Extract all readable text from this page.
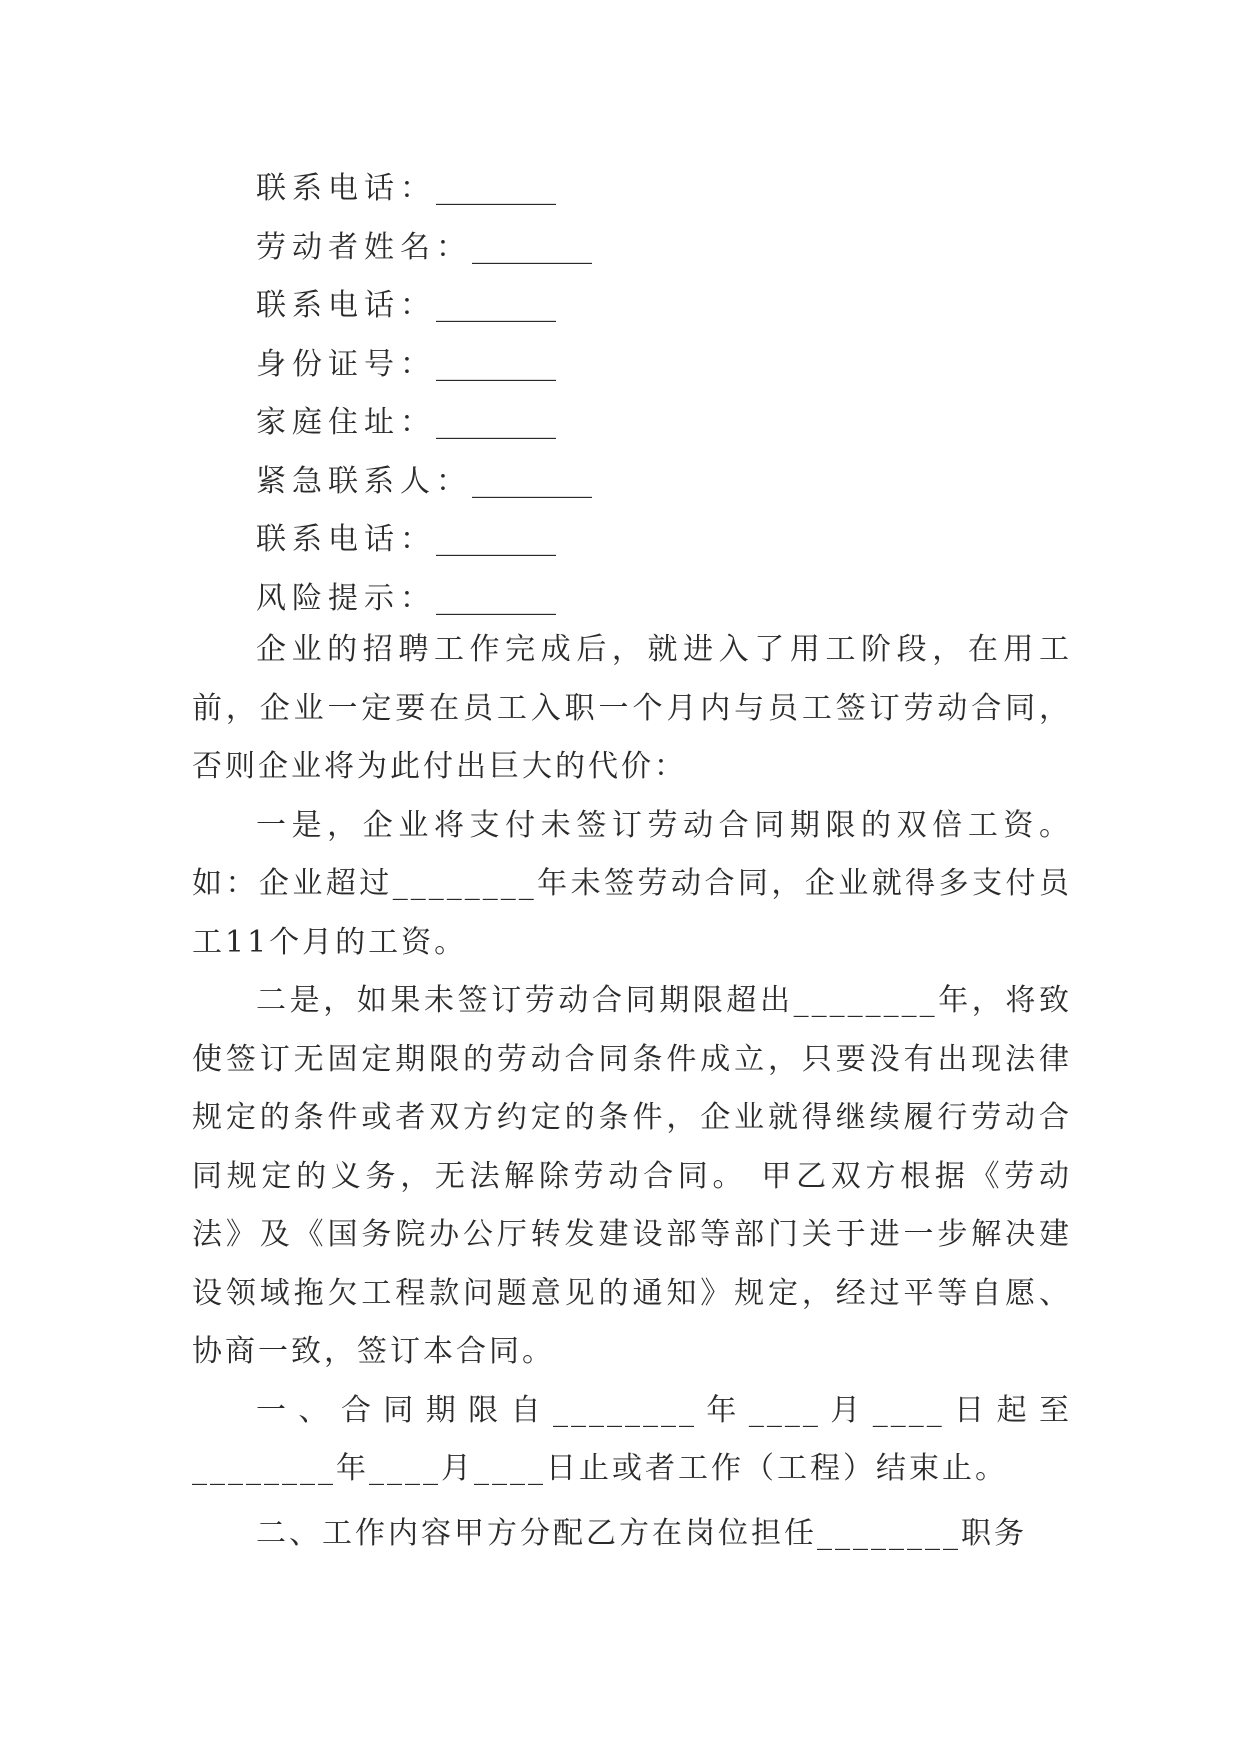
联系电话：________
劳动者姓名：________
联系电话：________
身份证号：________
家庭住址：________
紧急联系人：________
联系电话：________
风险提示：________

企业的招聘工作完成后，就进入了用工阶段，在用工前，企业一定要在员工入职一个月内与员工签订劳动合同，否则企业将为此付出巨大的代价：

一是，企业将支付未签订劳动合同期限的双倍工资。如：企业超过________年未签劳动合同，企业就得多支付员工11个月的工资。

二是，如果未签订劳动合同期限超出________年，将致使签订无固定期限的劳动合同条件成立，只要没有出现法律规定的条件或者双方约定的条件，企业就得继续履行劳动合同规定的义务，无法解除劳动合同。 甲乙双方根据《劳动法》及《国务院办公厅转发建设部等部门关于进一步解决建设领域拖欠工程款问题意见的通知》规定，经过平等自愿、协商一致，签订本合同。

一、合同期限自________年____月____日起至________年____月____日止或者工作（工程）结束止。

二、工作内容甲方分配乙方在岗位担任________职务
